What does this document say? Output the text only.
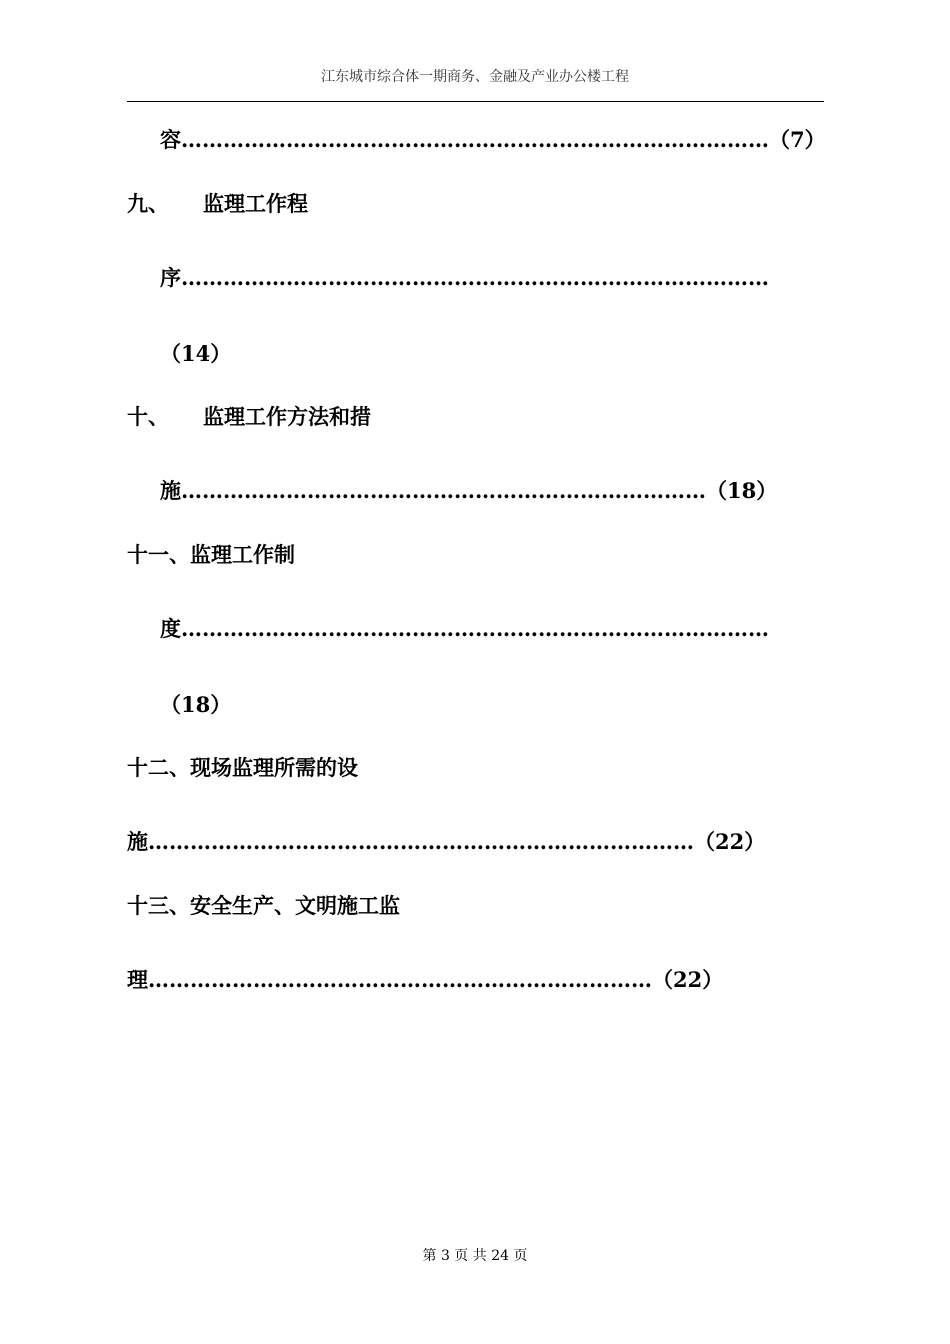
江东城市综合体一期商务、金融及产业办公楼工程
容…………………………………………………………………………（7）
九、 监理工作程
序…………………………………………………………………………
（14）
十、 监理工作方法和措
施…………………………………………………………………（18）
十一、监理工作制
度…………………………………………………………………………
（18）
十二、现场监理所需的设
施……………………………………………………………………（22）
十三、安全生产、文明施工监
理………………………………………………………………（22）
第 3 页 共 24 页
